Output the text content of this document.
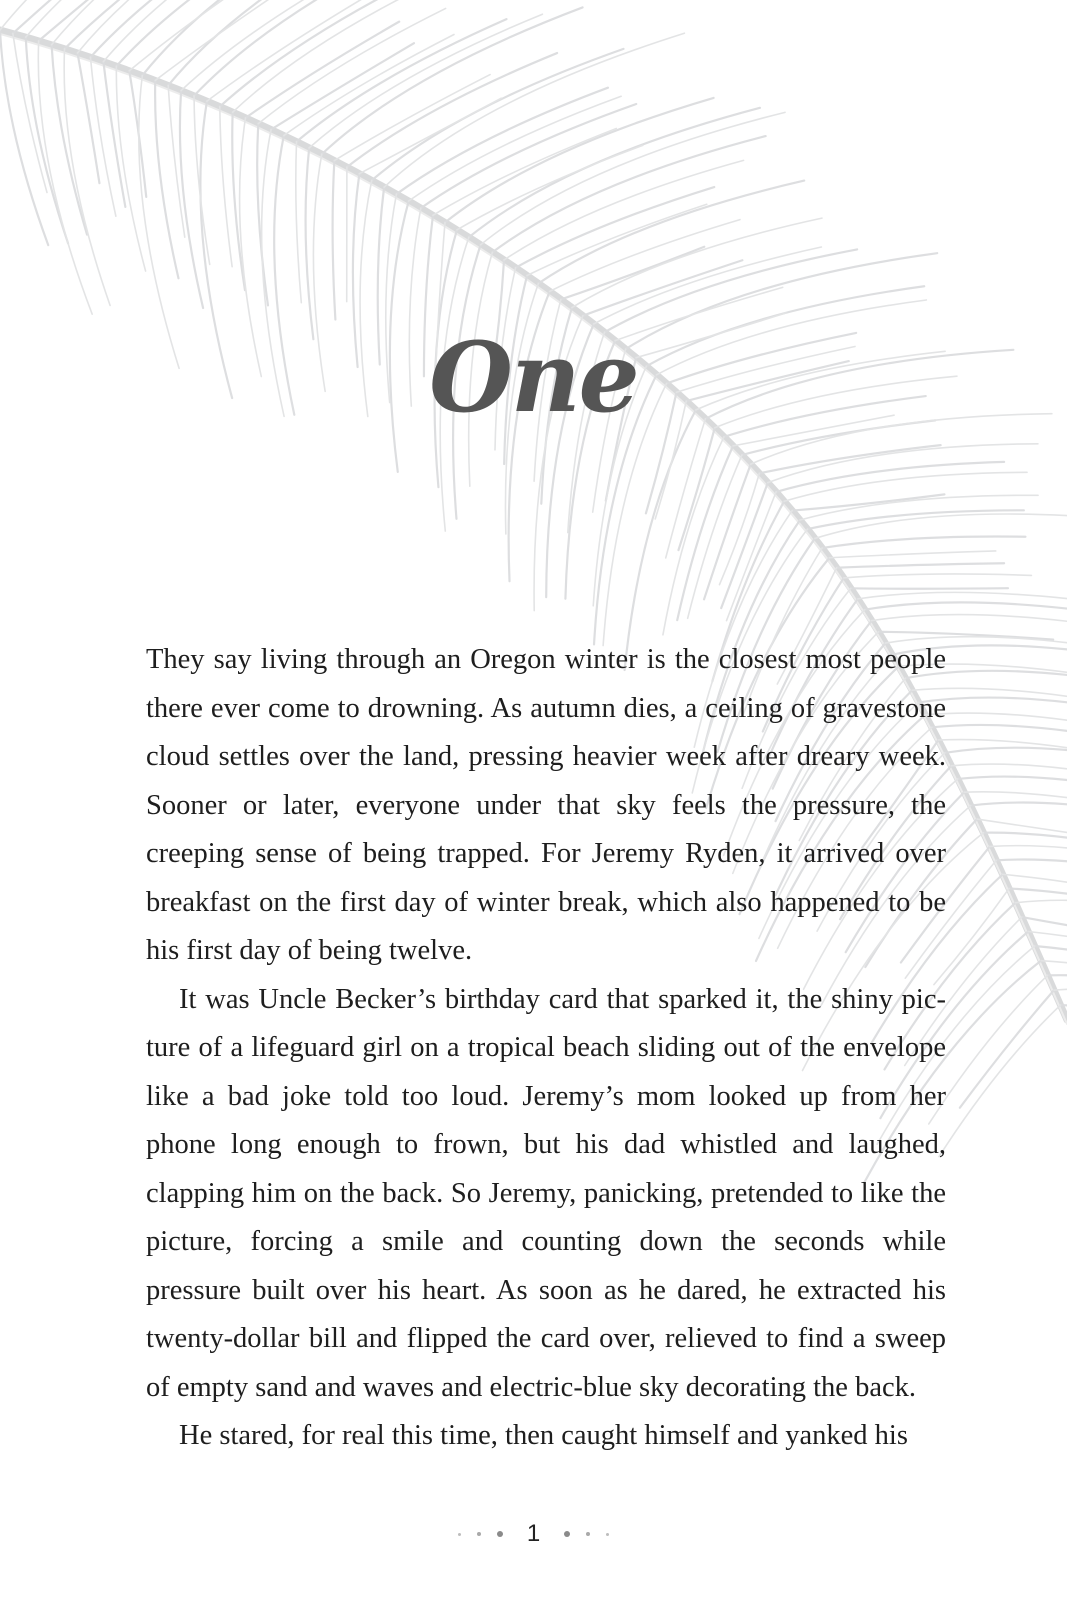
One

They say living through an Oregon winter is the closest most people there ever come to drowning. As autumn dies, a ceiling of gravestone cloud settles over the land, pressing heavier week after dreary week. Sooner or later, everyone under that sky feels the pressure, the creeping sense of being trapped. For Jeremy Ryden, it arrived over breakfast on the first day of winter break, which also happened to be his first day of being twelve.

It was Uncle Becker’s birthday card that sparked it, the shiny picture of a lifeguard girl on a tropical beach sliding out of the envelope like a bad joke told too loud. Jeremy’s mom looked up from her phone long enough to frown, but his dad whistled and laughed, clapping him on the back. So Jeremy, panicking, pretended to like the picture, forcing a smile and counting down the seconds while pressure built over his heart. As soon as he dared, he extracted his twenty-dollar bill and flipped the card over, relieved to find a sweep of empty sand and waves and electric-blue sky decorating the back.

He stared, for real this time, then caught himself and yanked his

1
